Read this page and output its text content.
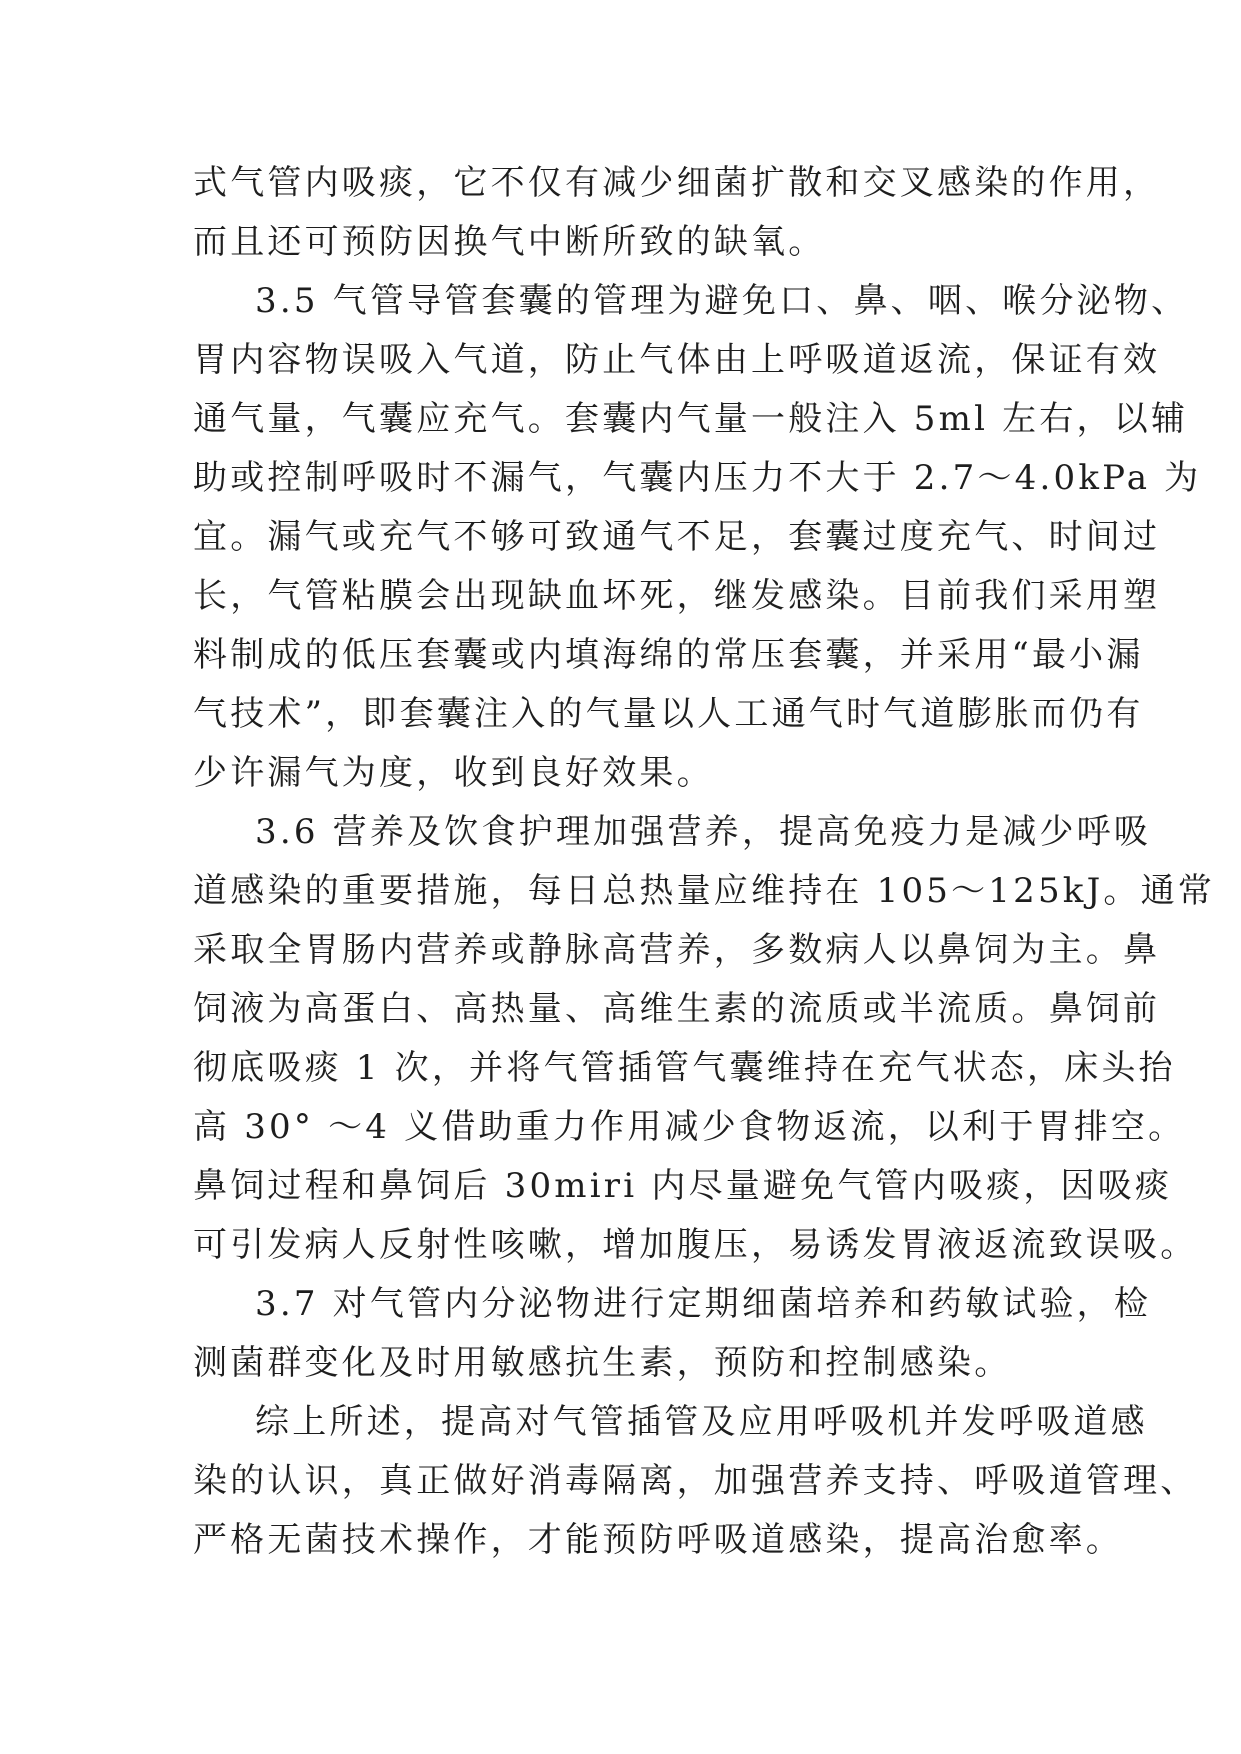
式气管内吸痰，它不仅有减少细菌扩散和交叉感染的作用，
而且还可预防因换气中断所致的缺氧。
3.5 气管导管套囊的管理为避免口、鼻、咽、喉分泌物、
胃内容物误吸入气道，防止气体由上呼吸道返流，保证有效
通气量，气囊应充气。套囊内气量一般注入 5ml 左右，以辅
助或控制呼吸时不漏气，气囊内压力不大于 2.7～4.0kPa 为
宜。漏气或充气不够可致通气不足，套囊过度充气、时间过
长，气管粘膜会出现缺血坏死，继发感染。目前我们采用塑
料制成的低压套囊或内填海绵的常压套囊，并采用“最小漏
气技术”，即套囊注入的气量以人工通气时气道膨胀而仍有
少许漏气为度，收到良好效果。
3.6 营养及饮食护理加强营养，提高免疫力是减少呼吸
道感染的重要措施，每日总热量应维持在 105～125kJ。通常
采取全胃肠内营养或静脉高营养，多数病人以鼻饲为主。鼻
饲液为高蛋白、高热量、高维生素的流质或半流质。鼻饲前
彻底吸痰 1 次，并将气管插管气囊维持在充气状态，床头抬
高 30° ～4 义借助重力作用减少食物返流，以利于胃排空。
鼻饲过程和鼻饲后 30miri 内尽量避免气管内吸痰，因吸痰
可引发病人反射性咳嗽，增加腹压，易诱发胃液返流致误吸。
3.7 对气管内分泌物进行定期细菌培养和药敏试验，检
测菌群变化及时用敏感抗生素，预防和控制感染。
综上所述，提高对气管插管及应用呼吸机并发呼吸道感
染的认识，真正做好消毒隔离，加强营养支持、呼吸道管理、
严格无菌技术操作，才能预防呼吸道感染，提高治愈率。
